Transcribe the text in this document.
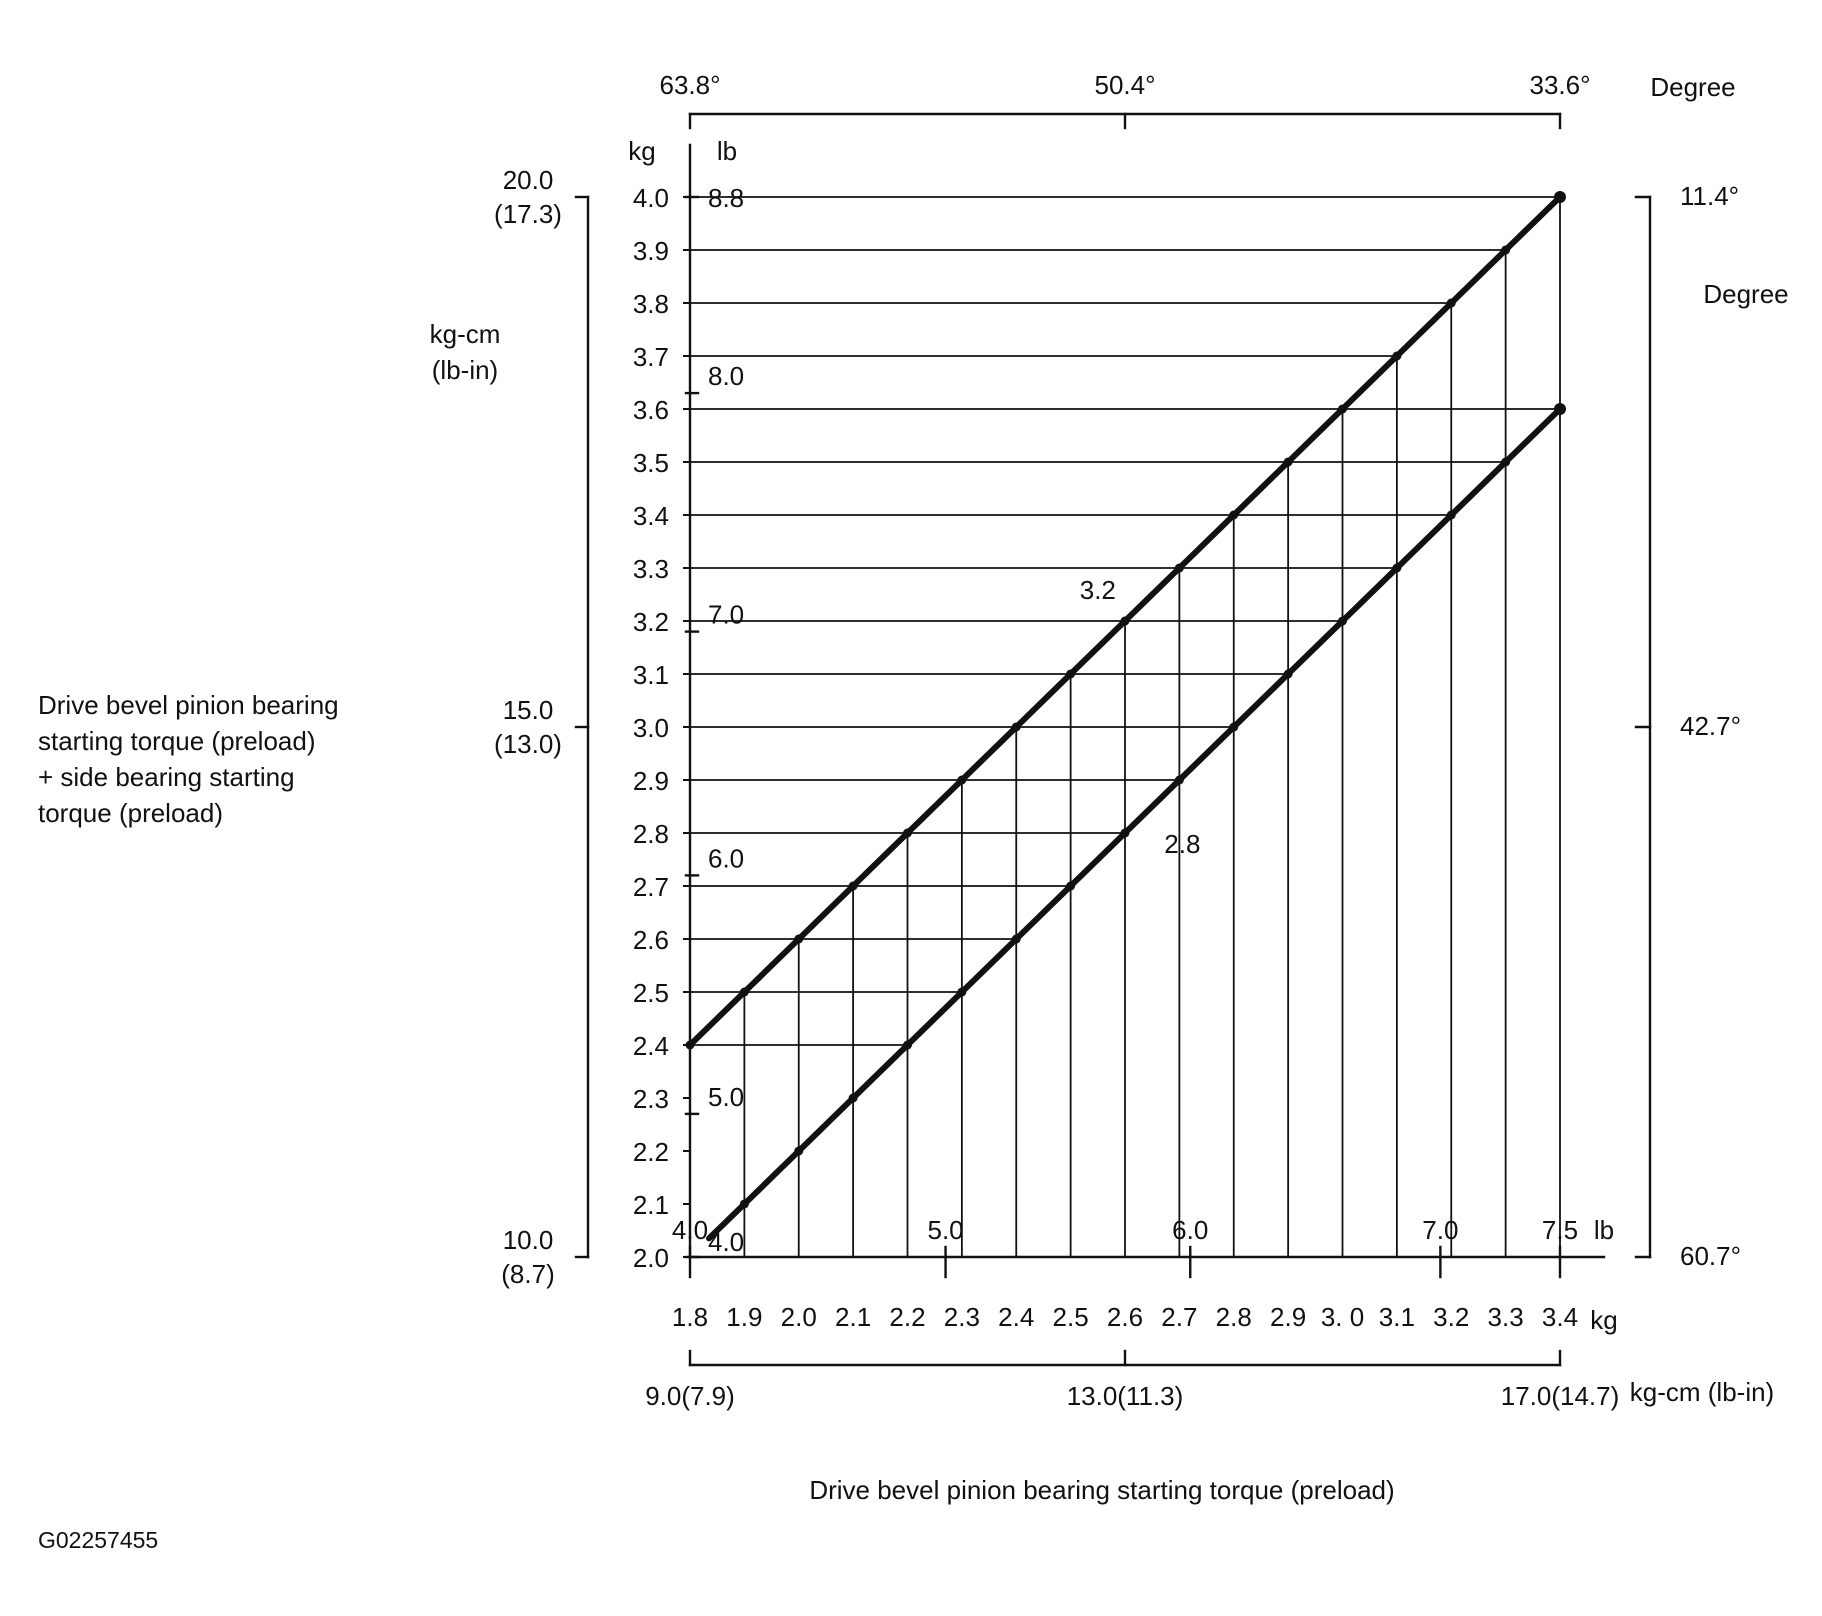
3.2
2.8
kg
2.0
2.1
2.2
2.3
2.4
2.5
2.6
2.7
2.8
2.9
3.0
3.1
3.2
3.3
3.4
3.5
3.6
3.7
3.8
3.9
4.0
lb
4.0
5.0
6.0
7.0
8.0
8.8
1.8 1.9 2.0 2.1 2.2 2.3 2.4 2.5 2.6 2.7 2.8 2.9 3. 0 3.1 3.2 3.3 3.4 kg
4.0	5.0	6.0	7.0	7.5 lb
9.0(7.9)	13.0(11.3)	17.0(14.7) kg-cm (lb-in)
63.8°	50.4°	33.6° Degree
20.0
(17.3)
15.0
(13.0)
10.0
(8.7)
kg-cm
(lb-in)
11.4°
42.7°
60.7°
Degree
Drive bevel pinion bearing
starting torque (preload)
+ side bearing starting
torque (preload)
Drive bevel pinion bearing starting torque (preload)
G02257455
